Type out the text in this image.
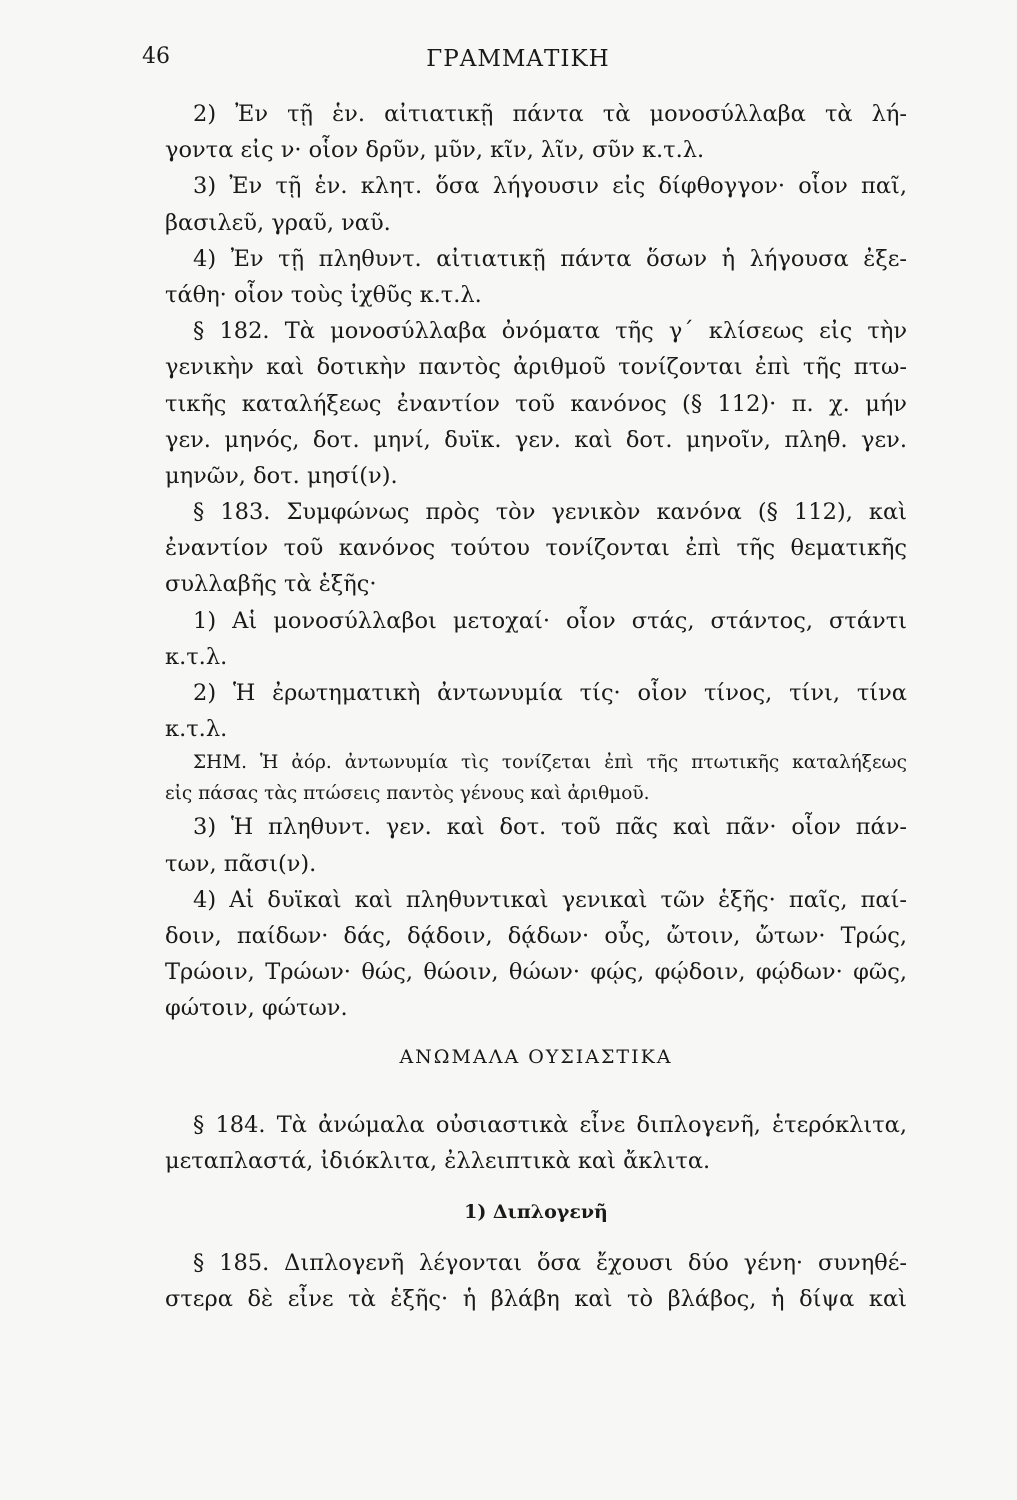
46	ΓΡΑΜΜΑΤΙΚΗ
2) Ἐν τῇ ἑν. αἰτιατικῇ πάντα τὰ μονοσύλλαβα τὰ λή-
γοντα εἰς ν· οἷον δρῦν, μῦν, κῖν, λῖν, σῦν κ.τ.λ.
3) Ἐν τῇ ἑν. κλητ. ὅσα λήγουσιν εἰς δίφθογγον· οἷον παῖ,
βασιλεῦ, γραῦ, ναῦ.
4) Ἐν τῇ πληθυντ. αἰτιατικῇ πάντα ὅσων ἡ λήγουσα ἐξε-
τάθη· οἷον τοὺς ἰχθῦς κ.τ.λ.
§ 182. Τὰ μονοσύλλαβα ὀνόματα τῆς γ΄ κλίσεως εἰς τὴν
γενικὴν καὶ δοτικὴν παντὸς ἀριθμοῦ τονίζονται ἐπὶ τῆς πτω-
τικῆς καταλήξεως ἐναντίον τοῦ κανόνος (§ 112)· π. χ. μήν
γεν. μηνός, δοτ. μηνί, δυϊκ. γεν. καὶ δοτ. μηνοῖν, πληθ. γεν.
μηνῶν, δοτ. μησί(ν).
§ 183. Συμφώνως πρὸς τὸν γενικὸν κανόνα (§ 112), καὶ
ἐναντίον τοῦ κανόνος τούτου τονίζονται ἐπὶ τῆς θεματικῆς
συλλαβῆς τὰ ἑξῆς·
1) Αἱ μονοσύλλαβοι μετοχαί· οἷον στάς, στάντος, στάντι
κ.τ.λ.
2) Ἡ ἐρωτηματικὴ ἀντωνυμία τίς· οἷον τίνος, τίνι, τίνα
κ.τ.λ.
ΣΗΜ. Ἡ ἀόρ. ἀντωνυμία τὶς τονίζεται ἐπὶ τῆς πτωτικῆς καταλήξεως
εἰς πάσας τὰς πτώσεις παντὸς γένους καὶ ἀριθμοῦ.
3) Ἡ πληθυντ. γεν. καὶ δοτ. τοῦ πᾶς καὶ πᾶν· οἷον πάν-
των, πᾶσι(ν).
4) Αἱ δυϊκαὶ καὶ πληθυντικαὶ γενικαὶ τῶν ἑξῆς· παῖς, παί-
δοιν, παίδων· δάς, δᾴδοιν, δᾴδων· οὖς, ὤτοιν, ὤτων· Τρώς,
Τρώοιν, Τρώων· θώς, θώοιν, θώων· φῴς, φῴδοιν, φῴδων· φῶς,
φώτοιν, φώτων.
ΑΝΩΜΑΛΑ ΟΥΣΙΑΣΤΙΚΑ
§ 184. Τὰ ἀνώμαλα οὐσιαστικὰ εἶνε διπλογενῆ, ἑτερόκλιτα,
μεταπλαστά, ἰδιόκλιτα, ἐλλειπτικὰ καὶ ἄκλιτα.
1) Διπλογενῆ
§ 185. Διπλογενῆ λέγονται ὅσα ἔχουσι δύο γένη· συνηθέ-
στερα δὲ εἶνε τὰ ἑξῆς· ἡ βλάβη καὶ τὸ βλάβος, ἡ δίψα καὶ
